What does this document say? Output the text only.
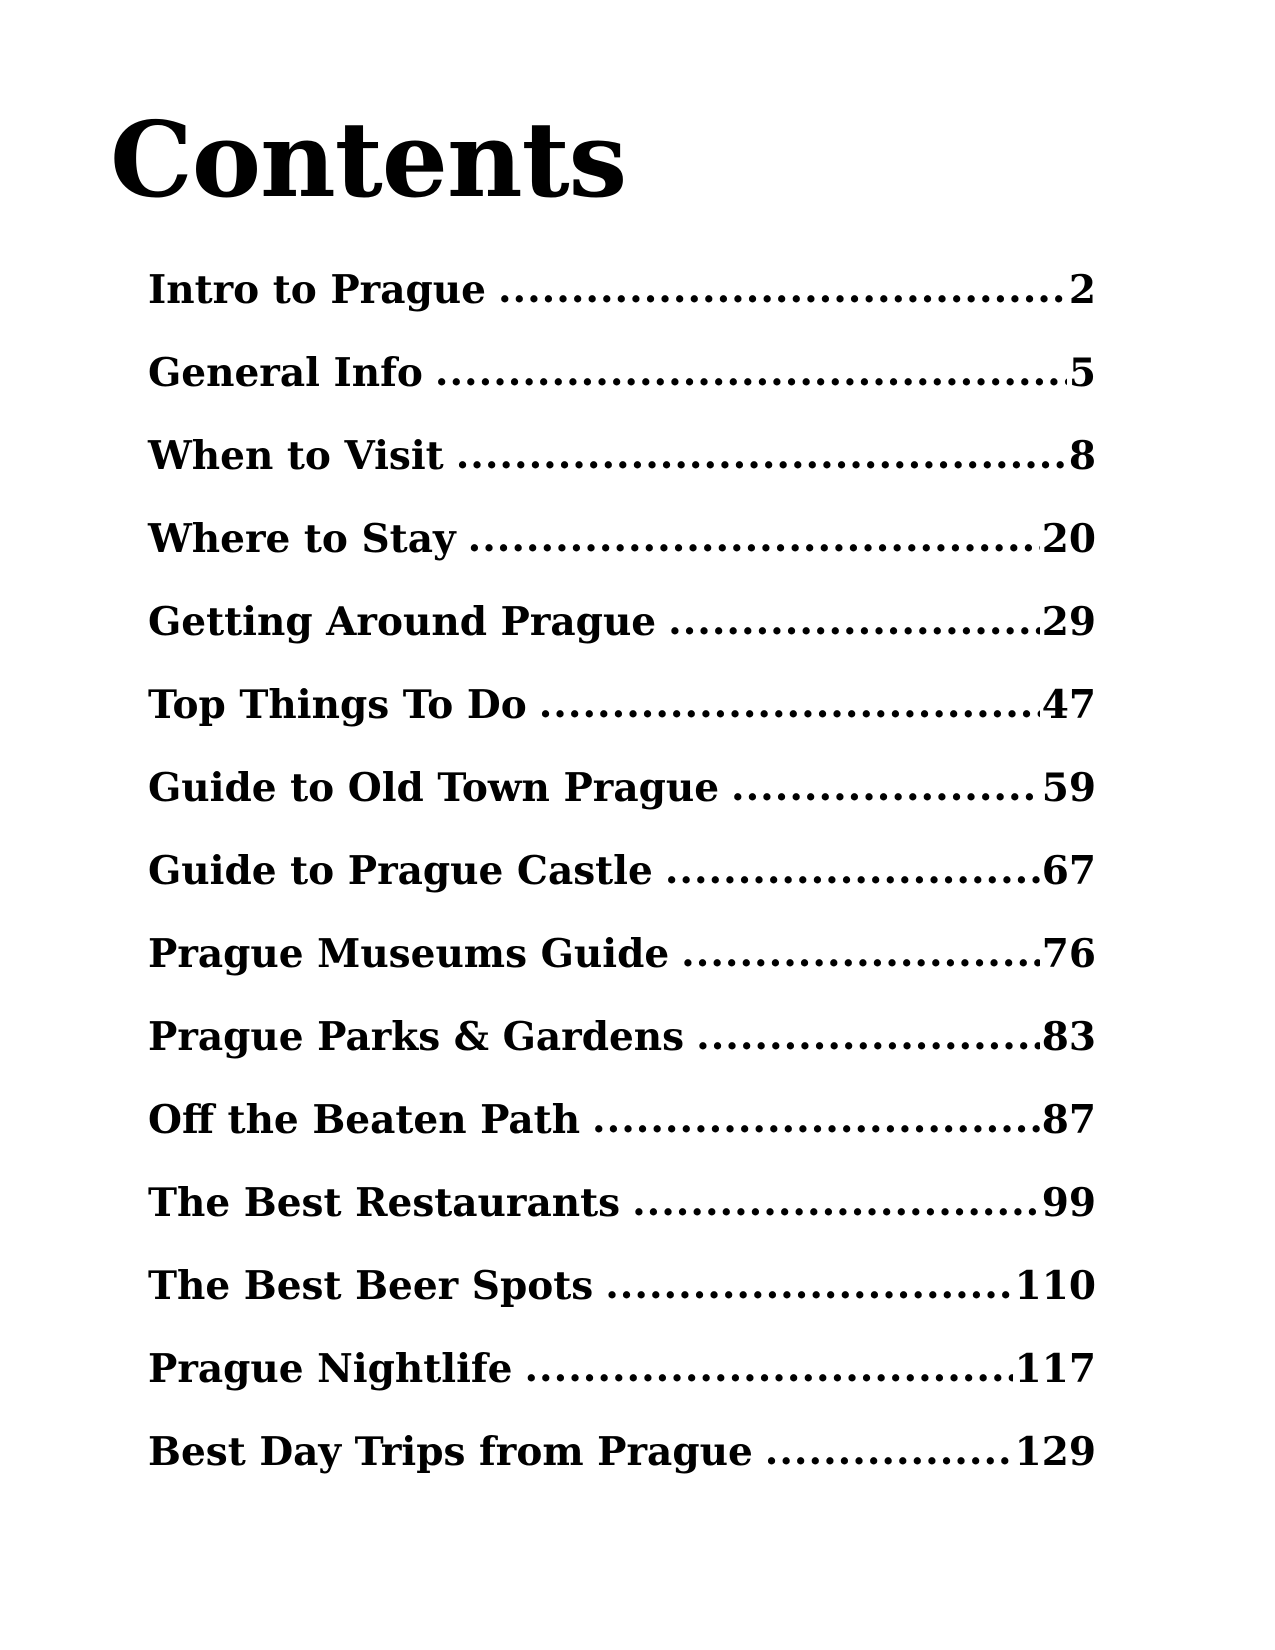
Contents
Intro to Prague .....	2
General Info .....	5
When to Visit .....	8
Where to Stay .....	20
Getting Around Prague .....	29
Top Things To Do .....	47
Guide to Old Town Prague .....	59
Guide to Prague Castle .....	67
Prague Museums Guide .....	76
Prague Parks & Gardens .....	83
Off the Beaten Path .....	87
The Best Restaurants .....	99
The Best Beer Spots .....	110
Prague Nightlife .....	117
Best Day Trips from Prague .....	129
